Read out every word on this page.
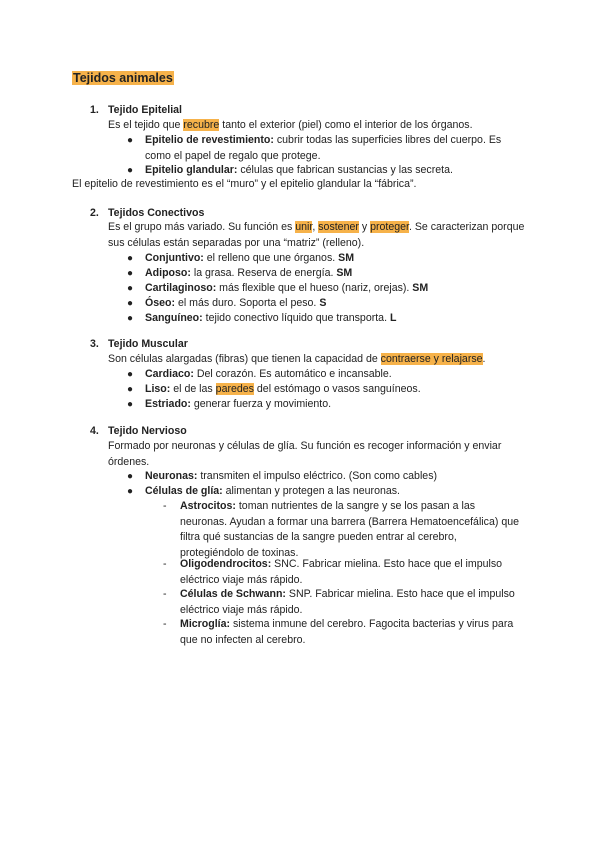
Tejidos animales
1. Tejido Epitelial
Es el tejido que recubre tanto el exterior (piel) como el interior de los órganos.
● Epitelio de revestimiento: cubrir todas las superficies libres del cuerpo. Es como el papel de regalo que protege.
● Epitelio glandular: células que fabrican sustancias y las secreta.
El epitelio de revestimiento es el “muro” y el epitelio glandular la “fábrica”.
2. Tejidos Conectivos
Es el grupo más variado. Su función es unir, sostener y proteger. Se caracterizan porque sus células están separadas por una “matriz” (relleno).
● Conjuntivo: el relleno que une órganos. SM
● Adiposo: la grasa. Reserva de energía. SM
● Cartilaginoso: más flexible que el hueso (nariz, orejas). SM
● Óseo: el más duro. Soporta el peso. S
● Sanguíneo: tejido conectivo líquido que transporta. L
3. Tejido Muscular
Son células alargadas (fibras) que tienen la capacidad de contraerse y relajarse.
● Cardiaco: Del corazón. Es automático e incansable.
● Liso: el de las paredes del estómago o vasos sanguíneos.
● Estriado: generar fuerza y movimiento.
4. Tejido Nervioso
Formado por neuronas y células de glía. Su función es recoger información y enviar órdenes.
● Neuronas: transmiten el impulso eléctrico. (Son como cables)
● Células de glía: alimentan y protegen a las neuronas.
- Astrocitos: toman nutrientes de la sangre y se los pasan a las neuronas. Ayudan a formar una barrera (Barrera Hematoencefálica) que filtra qué sustancias de la sangre pueden entrar al cerebro, protegiéndolo de toxinas.
- Oligodendrocitos: SNC. Fabricar mielina. Esto hace que el impulso eléctrico viaje más rápido.
- Células de Schwann: SNP. Fabricar mielina. Esto hace que el impulso eléctrico viaje más rápido.
- Microglía: sistema inmune del cerebro. Fagocita bacterias y virus para que no infecten al cerebro.
